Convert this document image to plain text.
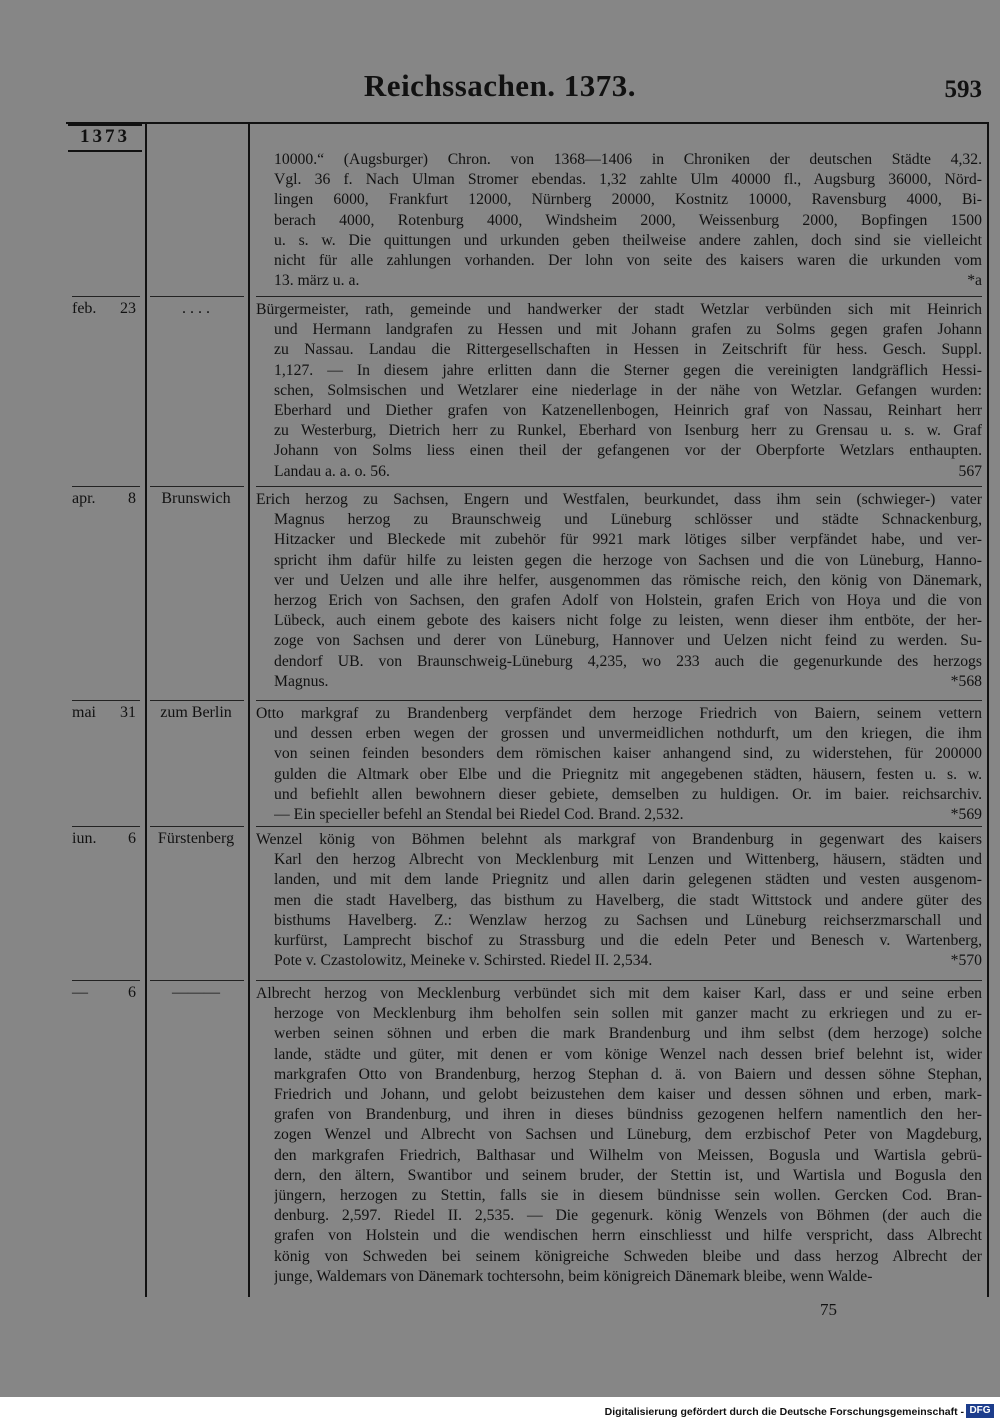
Reichssachen. 1373.	593
1373
75
Digitalisierung gefördert durch die Deutsche Forschungsgemeinschaft - DFG
10000.“ (Augsburger) Chron. von 1368—1406 in Chroniken der deutschen Städte 4,32.
Vgl. 36 f. Nach Ulman Stromer ebendas. 1,32 zahlte Ulm 40000 fl., Augsburg 36000, Nörd-
lingen 6000, Frankfurt 12000, Nürnberg 20000, Kostnitz 10000, Ravensburg 4000, Bi-
berach 4000, Rotenburg 4000, Windsheim 2000, Weissenburg 2000, Bopfingen 1500
u. s. w. Die quittungen und urkunden geben theilweise andere zahlen, doch sind sie vielleicht
nicht für alle zahlungen vorhanden. Der lohn von seite des kaisers waren die urkunden vom
13. märz u. a.	*a
feb. 23	. . . .	Bürgermeister, rath, gemeinde und handwerker der stadt Wetzlar verbünden sich mit Heinrich
und Hermann landgrafen zu Hessen und mit Johann grafen zu Solms gegen grafen Johann
zu Nassau. Landau die Rittergesellschaften in Hessen in Zeitschrift für hess. Gesch. Suppl.
1,127. — In diesem jahre erlitten dann die Sterner gegen die vereinigten landgräflich Hessi-
schen, Solmsischen und Wetzlarer eine niederlage in der nähe von Wetzlar. Gefangen wurden:
Eberhard und Diether grafen von Katzenellenbogen, Heinrich graf von Nassau, Reinhart herr
zu Westerburg, Dietrich herr zu Runkel, Eberhard von Isenburg herr zu Grensau u. s. w. Graf
Johann von Solms liess einen theil der gefangenen vor der Oberpforte Wetzlars enthaupten.
Landau a. a. o. 56.	567
apr. 8	Brunswich	Erich herzog zu Sachsen, Engern und Westfalen, beurkundet, dass ihm sein (schwieger-) vater
Magnus herzog zu Braunschweig und Lüneburg schlösser und städte Schnackenburg,
Hitzacker und Bleckede mit zubehör für 9921 mark lötiges silber verpfändet habe, und ver-
spricht ihm dafür hilfe zu leisten gegen die herzoge von Sachsen und die von Lüneburg, Hanno-
ver und Uelzen und alle ihre helfer, ausgenommen das römische reich, den könig von Dänemark,
herzog Erich von Sachsen, den grafen Adolf von Holstein, grafen Erich von Hoya und die von
Lübeck, auch einem gebote des kaisers nicht folge zu leisten, wenn dieser ihm entböte, der her-
zoge von Sachsen und derer von Lüneburg, Hannover und Uelzen nicht feind zu werden. Su-
dendorf UB. von Braunschweig-Lüneburg 4,235, wo 233 auch die gegenurkunde des herzogs
Magnus.	*568
mai 31	zum Berlin	Otto markgraf zu Brandenberg verpfändet dem herzoge Friedrich von Baiern, seinem vettern
und dessen erben wegen der grossen und unvermeidlichen nothdurft, um den kriegen, die ihm
von seinen feinden besonders dem römischen kaiser anhangend sind, zu widerstehen, für 200000
gulden die Altmark ober Elbe und die Priegnitz mit angegebenen städten, häusern, festen u. s. w.
und befiehlt allen bewohnern dieser gebiete, demselben zu huldigen. Or. im baier. reichsarchiv.
— Ein specieller befehl an Stendal bei Riedel Cod. Brand. 2,532.	*569
iun. 6	Fürstenberg	Wenzel könig von Böhmen belehnt als markgraf von Brandenburg in gegenwart des kaisers
Karl den herzog Albrecht von Mecklenburg mit Lenzen und Wittenberg, häusern, städten und
landen, und mit dem lande Priegnitz und allen darin gelegenen städten und vesten ausgenom-
men die stadt Havelberg, das bisthum zu Havelberg, die stadt Wittstock und andere güter des
bisthums Havelberg. Z.: Wenzlaw herzog zu Sachsen und Lüneburg reichserzmarschall und
kurfürst, Lamprecht bischof zu Strassburg und die edeln Peter und Benesch v. Wartenberg,
Pote v. Czastolowitz, Meineke v. Schirsted. Riedel II. 2,534.	*570
—	6	———	Albrecht herzog von Mecklenburg verbündet sich mit dem kaiser Karl, dass er und seine erben
herzoge von Mecklenburg ihm beholfen sein sollen mit ganzer macht zu erkriegen und zu er-
werben seinen söhnen und erben die mark Brandenburg und ihm selbst (dem herzoge) solche
lande, städte und güter, mit denen er vom könige Wenzel nach dessen brief belehnt ist, wider
markgrafen Otto von Brandenburg, herzog Stephan d. ä. von Baiern und dessen söhne Stephan,
Friedrich und Johann, und gelobt beizustehen dem kaiser und dessen söhnen und erben, mark-
grafen von Brandenburg, und ihren in dieses bündniss gezogenen helfern namentlich den her-
zogen Wenzel und Albrecht von Sachsen und Lüneburg, dem erzbischof Peter von Magdeburg,
den markgrafen Friedrich, Balthasar und Wilhelm von Meissen, Bogusla und Wartisla gebrü-
dern, den ältern, Swantibor und seinem bruder, der Stettin ist, und Wartisla und Bogusla den
jüngern, herzogen zu Stettin, falls sie in diesem bündnisse sein wollen. Gercken Cod. Bran-
denburg. 2,597. Riedel II. 2,535. — Die gegenurk. könig Wenzels von Böhmen (der auch die
grafen von Holstein und die wendischen herrn einschliesst und hilfe verspricht, dass Albrecht
könig von Schweden bei seinem königreiche Schweden bleibe und dass herzog Albrecht der
junge, Waldemars von Dänemark tochtersohn, beim königreich Dänemark bleibe, wenn Walde-
